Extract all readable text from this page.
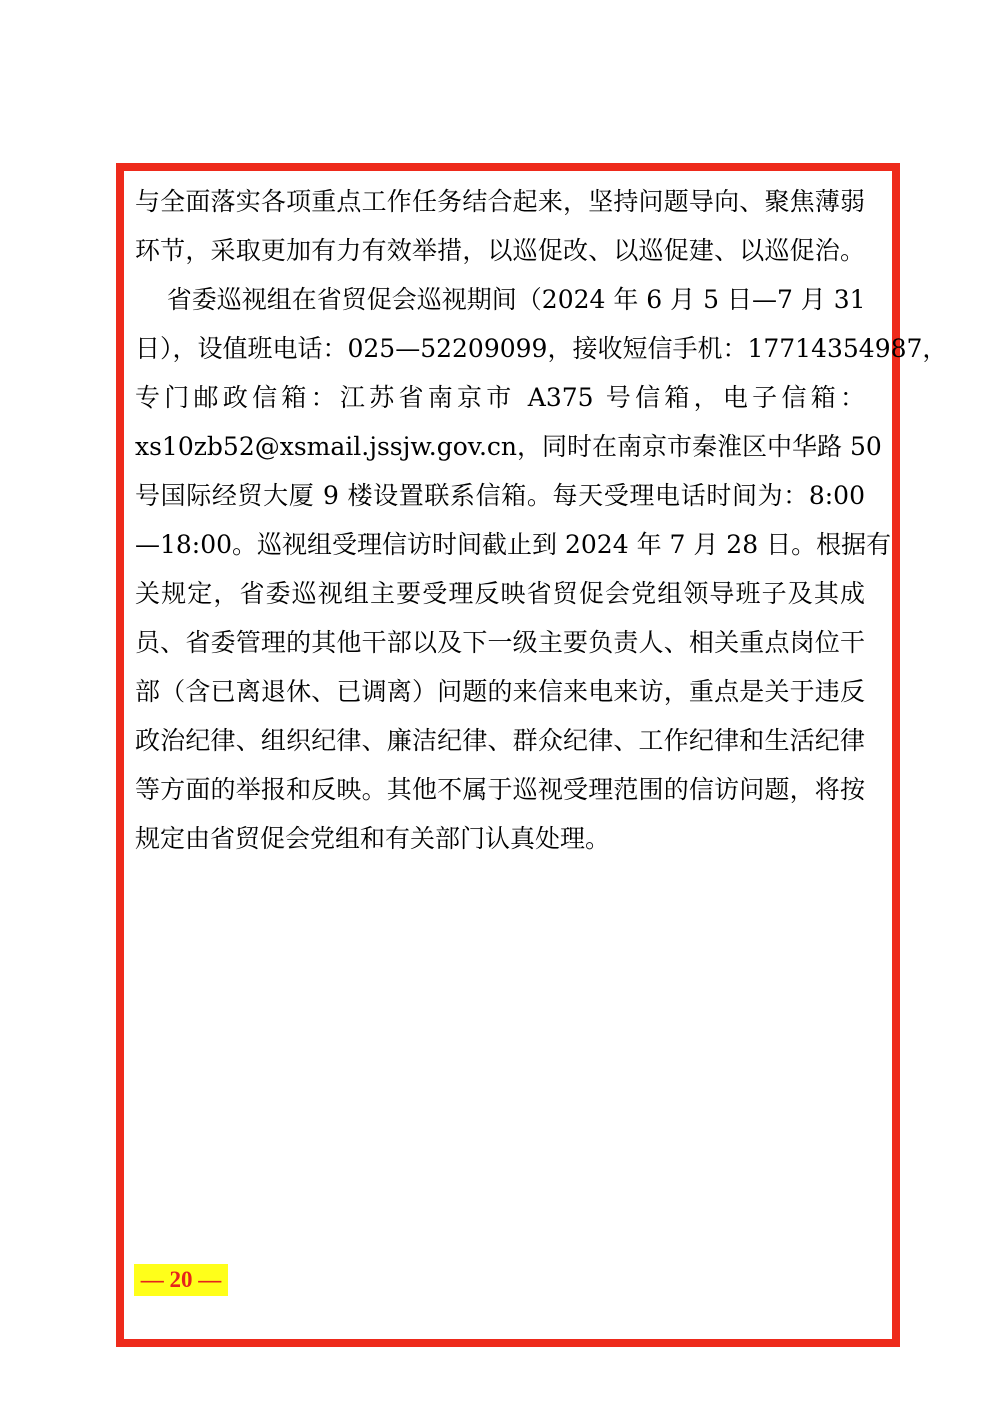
与全面落实各项重点工作任务结合起来，坚持问题导向、聚焦薄弱
环节，采取更加有力有效举措，以巡促改、以巡促建、以巡促治。
省委巡视组在省贸促会巡视期间（2024 年 6 月 5 日—7 月 31
日），设值班电话：025—52209099，接收短信手机：17714354987，
专门邮政信箱：江苏省南京市 A375 号信箱，电子信箱：
xs10zb52@xsmail.jssjw.gov.cn，同时在南京市秦淮区中华路 50
号国际经贸大厦 9 楼设置联系信箱。每天受理电话时间为：8:00
—18:00。巡视组受理信访时间截止到 2024 年 7 月 28 日。根据有
关规定，省委巡视组主要受理反映省贸促会党组领导班子及其成
员、省委管理的其他干部以及下一级主要负责人、相关重点岗位干
部（含已离退休、已调离）问题的来信来电来访，重点是关于违反
政治纪律、组织纪律、廉洁纪律、群众纪律、工作纪律和生活纪律
等方面的举报和反映。其他不属于巡视受理范围的信访问题，将按
规定由省贸促会党组和有关部门认真处理。
— 20 —
